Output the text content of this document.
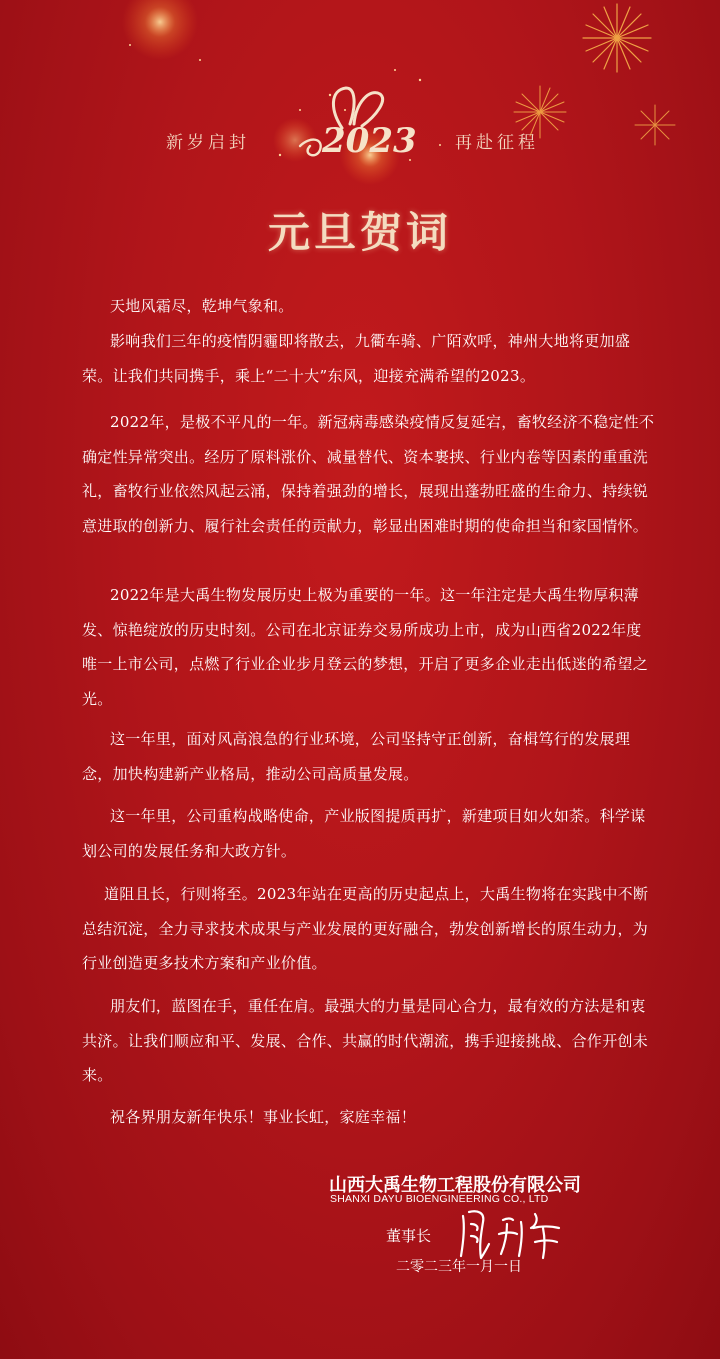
新岁启封 2023 再赴征程
元旦贺词

天地风霜尽，乾坤气象和。

影响我们三年的疫情阴霾即将散去，九衢车骑、广陌欢呼，神州大地将更加盛荣。让我们共同携手，乘上“二十大”东风，迎接充满希望的2023。

2022年，是极不平凡的一年。新冠病毒感染疫情反复延宕，畜牧经济不稳定性不确定性异常突出。经历了原料涨价、减量替代、资本裹挟、行业内卷等因素的重重洗礼，畜牧行业依然风起云涌，保持着强劲的增长，展现出蓬勃旺盛的生命力、持续锐意进取的创新力、履行社会责任的贡献力，彰显出困难时期的使命担当和家国情怀。

2022年是大禹生物发展历史上极为重要的一年。这一年注定是大禹生物厚积薄发、惊艳绽放的历史时刻。公司在北京证券交易所成功上市，成为山西省2022年度唯一上市公司，点燃了行业企业步月登云的梦想，开启了更多企业走出低迷的希望之光。

这一年里，面对风高浪急的行业环境，公司坚持守正创新，奋楫笃行的发展理念，加快构建新产业格局，推动公司高质量发展。

这一年里，公司重构战略使命，产业版图提质再扩，新建项目如火如荼。科学谋划公司的发展任务和大政方针。

道阻且长，行则将至。2023年站在更高的历史起点上，大禹生物将在实践中不断总结沉淀，全力寻求技术成果与产业发展的更好融合，勃发创新增长的原生动力，为行业创造更多技术方案和产业价值。

朋友们，蓝图在手，重任在肩。最强大的力量是同心合力，最有效的方法是和衷共济。让我们顺应和平、发展、合作、共赢的时代潮流，携手迎接挑战、合作开创未来。

祝各界朋友新年快乐！事业长虹，家庭幸福！

山西大禹生物工程股份有限公司
SHANXI DAYU BIOENGINEERING CO., LTD
董事长
二零二三年一月一日
